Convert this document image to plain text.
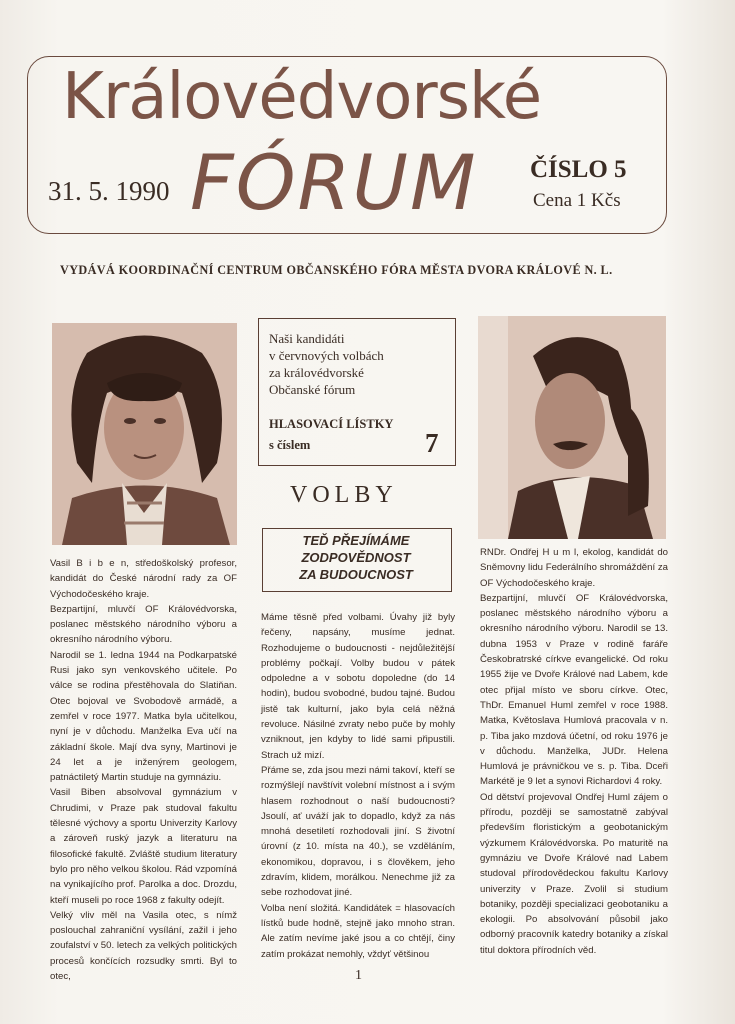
Královédvorské
31. 5. 1990 FÓRUM ČÍSLO 5
Cena 1 Kčs
VYDÁVÁ KOORDINAČNÍ CENTRUM OBČANSKÉHO FÓRA MĚSTA DVORA KRÁLOVÉ N. L.
Naši kandidáti
v červnových volbách
za královédvorské
Občanské fórum
HLASOVACÍ LÍSTKY
s číslem	7
VOLBY
TEĎ PŘEJÍMÁME
ZODPOVĚDNOST
ZA BUDOUCNOST

Vasil B i b e n, středoškolský profesor, kandidát do České národní rady za OF Východočeského kraje.

Bezpartijní, mluvčí OF Královédvorska, poslanec městského národního výboru a okresního národního výboru.

Narodil se 1. ledna 1944 na Podkarpatské Rusi jako syn venkovského učitele. Po válce se rodina přestěhovala do Slatiňan. Otec bojoval ve Svobodově armádě, a zemřel v roce 1977. Matka byla učitelkou, nyní je v důchodu. Manželka Eva učí na základní škole. Mají dva syny, Martinovi je 24 let a je inženýrem geologem, patnáctiletý Martin studuje na gymnáziu.

Vasil Biben absolvoval gymnázium v Chrudimi, v Praze pak studoval fakultu tělesné výchovy a sportu Univerzity Karlovy a zároveň ruský jazyk a literaturu na filosofické fakultě. Zvláště studium literatury bylo pro něho velkou školou. Rád vzpomíná na vynikajícího prof. Parolka a doc. Drozdu, kteří museli po roce 1968 z fakulty odejít.

Velký vliv měl na Vasila otec, s nímž poslouchal zahraniční vysílání, zažil i jeho zoufalství v 50. letech za velkých politických procesů končících rozsudky smrti. Byl to otec,

Máme těsně před volbami. Úvahy již byly řečeny, napsány, musíme jednat. Rozhodujeme o budoucnosti - nejdůležitější problémy počkají. Volby budou v pátek odpoledne a v sobotu dopoledne (do 14 hodin), budou svobodné, budou tajné. Budou jistě tak kulturní, jako byla celá něžná revoluce. Násilné zvraty nebo puče by mohly vzniknout, jen kdyby to lidé sami připustili. Strach už mizí.

Přáme se, zda jsou mezi námi takoví, kteří se rozmýšlejí navštívit volební místnost a i svým hlasem rozhodnout o naší budoucnosti? Jsoulí, ať uváží jak to dopadlo, když za nás mnohá desetiletí rozhodovali jiní. S životní úrovní (z 10. místa na 40.), se vzděláním, ekonomikou, dopravou, i s člověkem, jeho zdravím, klidem, morálkou. Nenechme již za sebe rozhodovat jiné.

Volba není složitá. Kandidátek = hlasovacích lístků bude hodně, stejně jako mnoho stran. Ale zatím nevíme jaké jsou a co chtějí, činy zatím prokázat nemohly, vždyť většinou

RNDr. Ondřej H u m l, ekolog, kandidát do Sněmovny lidu Federálního shromáždění za OF Východočeského kraje.

Bezpartijní, mluvčí OF Královédvorska, poslanec městského národního výboru a okresního národního výboru. Narodil se 13. dubna 1953 v Praze v rodině faráře Českobratrské církve evangelické. Od roku 1955 žije ve Dvoře Králové nad Labem, kde otec přijal místo ve sboru církve. Otec, ThDr. Emanuel Huml zemřel v roce 1988. Matka, Květoslava Humlová pracovala v n. p. Tiba jako mzdová účetní, od roku 1976 je v důchodu. Manželka, JUDr. Helena Humlová je právničkou ve s. p. Tiba. Dceři Markétě je 9 let a synovi Richardovi 4 roky.

Od dětství projevoval Ondřej Huml zájem o přírodu, později se samostatně zabýval především floristickým a geobotanickým výzkumem Královédvorska. Po maturitě na gymnáziu ve Dvoře Králové nad Labem studoval přírodovědeckou fakultu Karlovy univerzity v Praze. Zvolil si studium botaniky, později specializaci geobotaniku a ekologii. Po absolvování působil jako odborný pracovník katedry botaniky a získal titul doktora přírodních věd.

1
